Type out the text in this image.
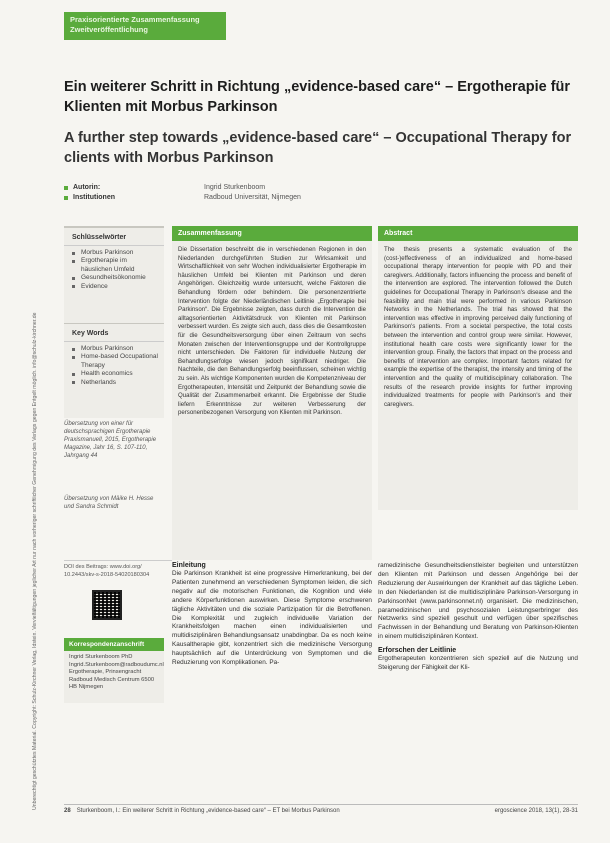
Unberechtigt geschütztes Material. Copyright: Schulz-Kirchner Verlag, Idstein. Vervielfältigungen jeglicher Art nur nach vorheriger schriftlicher Genehmigung des Verlags gegen Entgelt möglich. info@schulz-kirchner.de
Praxisorientierte Zusammenfassung
Zweitveröffentlichung
Ein weiterer Schritt in Richtung „evidence-based care“ – Ergotherapie für Klienten mit Morbus Parkinson
A further step towards „evidence-based care“ – Occupational Therapy for clients with Morbus Parkinson
Autorin:	Ingrid Sturkenboom
Institutionen	Radboud Universität, Nijmegen
Schlüsselwörter
Morbus Parkinson
Ergotherapie im häuslichen Umfeld
Gesundheitsökonomie
Evidence
Key Words
Morbus Parkinson
Home-based Occupational Therapy
Health economics
Netherlands
Übersetzung von einer für deutschsprachigen Ergotherapie Praxismanuell, 2015, Ergotherapie Magazine, Jahr 16, S. 107-110, Jahrgang 44
Übersetzung von Mäike H. Hesse und Sandra Schmidt
DOI des Beitrags: www.doi.org/
10.2443/skv-s-2018-54020180304
Korrespondenzanschrift
Ingrid Sturkenboom PhD Ingrid.Sturkenboom@radboudumc.nl Ergotherapie, Prinsengracht Radboud Medisch Centrum 6500 HB Nijmegen
Zusammenfassung
Die Dissertation beschreibt die in verschiedenen Regionen in den Niederlanden durchgeführten Studien zur Wirksamkeit und Wirtschaftlichkeit von sehr Wochen individualisierter Ergotherapie im häuslichen Umfeld bei Klienten mit Parkinson und deren Angehörigen. Gleichzeitig wurde untersucht, welche Faktoren die Behandlung fördern oder behindern. Die personenzentrierte Intervention folgte der Niederländischen Leitlinie „Ergotherapie bei Parkinson“. Die Ergebnisse zeigten, dass durch die Intervention die alltagsorientierten Aktivitätsdruck von Klienten mit Parkinson verbessert wurden. Es zeigte sich auch, dass dies die Gesamtkosten für die Gesundheitsversorgung über einen Zeitraum von sechs Monaten zwischen der Interventionsgruppe und der Kontrollgruppe nicht unterschieden. Die Faktoren für individuelle Nutzung der Behandlungserfolge wiesen jedoch signifikant niedriger. Die Nachteile, die den Behandlungserfolg beeinflussen, scheinen wichtig zu sein. Als wichtige Komponenten wurden die Kompetenzniveau der Ergotherapeuten, Intensität und Zeitpunkt der Behandlung sowie die Qualität der Zusammenarbeit erkannt. Die Ergebnisse der Studie liefern Erkenntnisse zur weiteren Verbesserung der personenbezogenen Versorgung von Klienten mit Parkinson.
Abstract
The thesis presents a systematic evaluation of the (cost-)effectiveness of an individualized and home-based occupational therapy intervention for people with PD and their caregivers. Additionally, factors influencing the process and benefit of the intervention are explored. The intervention followed the Dutch guidelines for Occupational Therapy in Parkinson's disease and the feasibility and main trial were performed in various Parkinson Networks in the Netherlands. The trial has showed that the intervention was effective in improving perceived daily functioning of Parkinson's patients. From a societal perspective, the total costs between the intervention and control group were similar. However, institutional health care costs were significantly lower for the intervention group. Finally, the factors that impact on the process and benefits of intervention are complex. Important factors related for example the expertise of the therapist, the intensity and timing of the intervention and the quality of multidisciplinary collaboration. The results of the research provide insights for further improving individualized treatments for people with Parkinson's and their caregivers.
Einleitung

Die Parkinson Krankheit ist eine progressive Hirnerkrankung, bei der Patienten zunehmend an verschiedenen Symptomen leiden, die sich negativ auf die motorischen Funktionen, die Kognition und viele andere Körperfunktionen auswirken. Diese Symptome erschweren tägliche Aktivitäten und die soziale Partizipation für die Betroffenen. Die Komplexität und zugleich individuelle Variation der Krankheitsfolgen machen einen individualisierten und multidisziplinären Behandlungsansatz unabdingbar. Da es noch keine Kausaltherapie gibt, konzentriert sich die medizinische Versorgung hauptsächlich auf die Unterdrückung von Symptomen und die Reduzierung von Komplikationen. Pa-

ramedizinische Gesundheitsdienstleister begleiten und unterstützen den Klienten mit Parkinson und dessen Angehörige bei der Reduzierung der Auswirkungen der Krankheit auf das tägliche Leben. In den Niederlanden ist die multidisziplinäre Parkinson-Versorgung in ParkinsonNet (www.parkinsonnet.nl) organisiert. Die medizinischen, paramedizinischen und psychosozialen Leistungserbringer des Netzwerks sind speziell geschult und verfügen über spezifisches Fachwissen in der Behandlung und Beratung von Parkinson-Klienten in einem multidisziplinären Kontext.

Erforschen der Leitlinie

Ergotherapeuten konzentrieren sich speziell auf die Nutzung und Steigerung der Fähigkeit der Kli-

28 Sturkenboom, I.: Ein weiterer Schritt in Richtung „evidence-based care“ – ET bei Morbus Parkinson	ergoscience 2018, 13(1), 28-31
